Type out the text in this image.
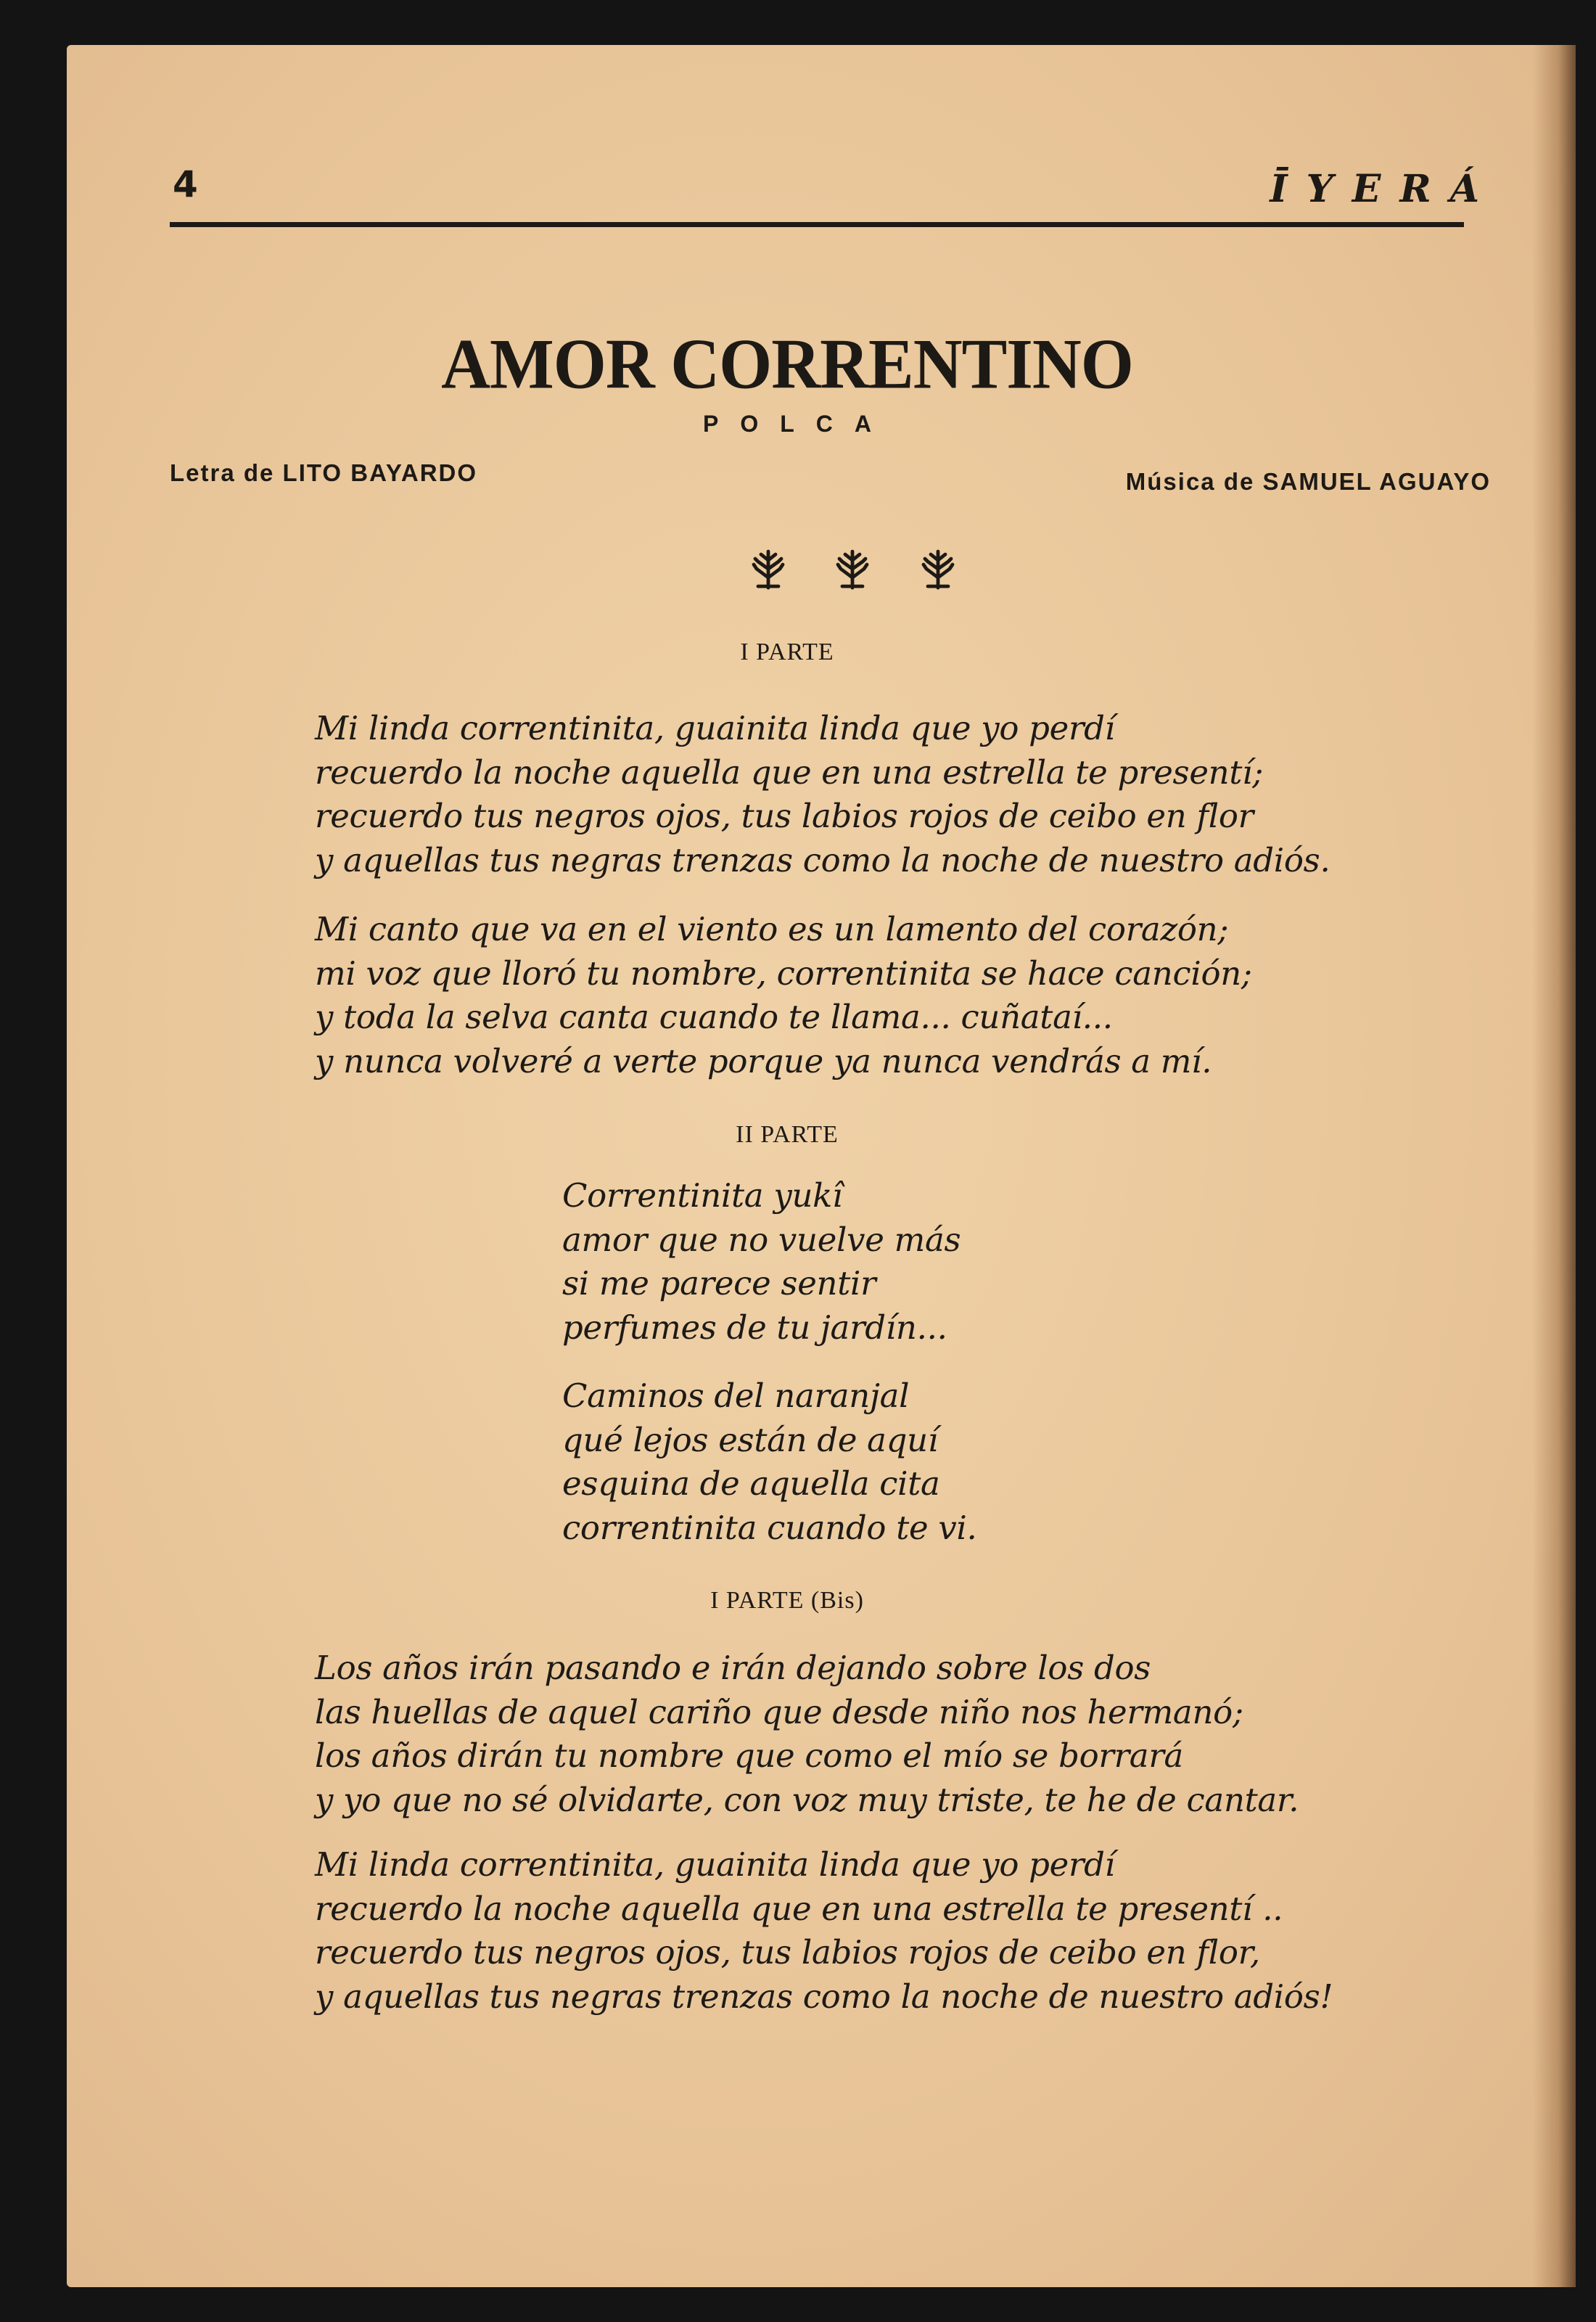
4	ĪYERÁ
AMOR CORRENTINO
POLCA
Letra de LITO BAYARDO	Música de SAMUEL AGUAYO
I PARTE
Mi linda correntinita, guainita linda que yo perdí
recuerdo la noche aquella que en una estrella te presentí;
recuerdo tus negros ojos, tus labios rojos de ceibo en flor
y aquellas tus negras trenzas como la noche de nuestro adiós.
Mi canto que va en el viento es un lamento del corazón;
mi voz que lloró tu nombre, correntinita se hace canción;
y toda la selva canta cuando te llama... cuñataí...
y nunca volveré a verte porque ya nunca vendrás a mí.
II PARTE
Correntinita yukî
amor que no vuelve más
si me parece sentir
perfumes de tu jardín...
Caminos del naranjal
qué lejos están de aquí
esquina de aquella cita
correntinita cuando te vi.
I PARTE (Bis)
Los años irán pasando e irán dejando sobre los dos
las huellas de aquel cariño que desde niño nos hermanó;
los años dirán tu nombre que como el mío se borrará
y yo que no sé olvidarte, con voz muy triste, te he de cantar.
Mi linda correntinita, guainita linda que yo perdí
recuerdo la noche aquella que en una estrella te presentí ..
recuerdo tus negros ojos, tus labios rojos de ceibo en flor,
y aquellas tus negras trenzas como la noche de nuestro adiós!
